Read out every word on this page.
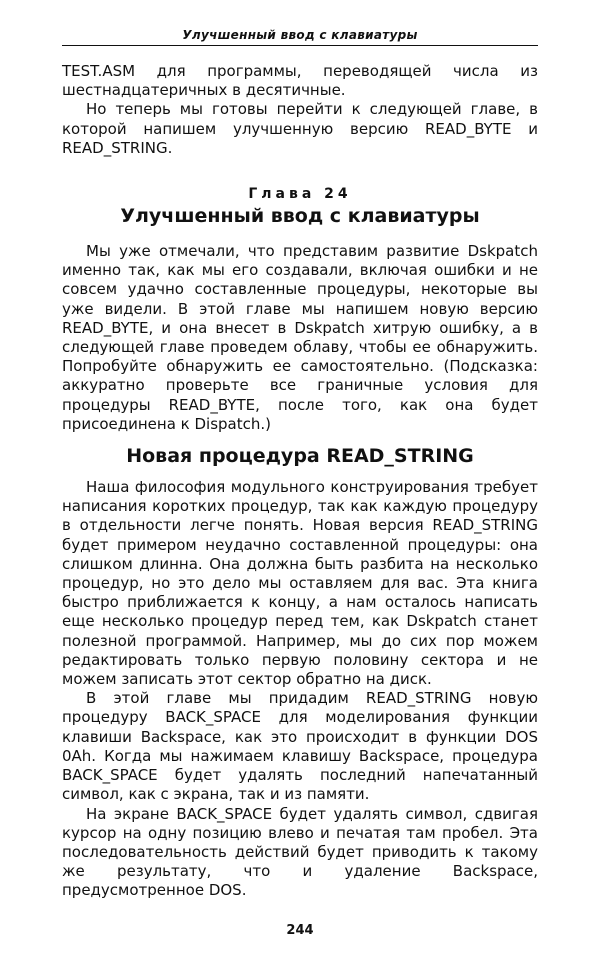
Улучшенный ввод с клавиатуры

TEST.ASM для программы, переводящей числа из шестнадцатеричных в десятичные.

Но теперь мы готовы перейти к следующей главе, в которой напишем улучшенную версию READ_BYTE и READ_STRING.

Глава 24
Улучшенный ввод с клавиатуры

Мы уже отмечали, что представим развитие Dskpatch именно так, как мы его создавали, включая ошибки и не совсем удачно составленные процедуры, некоторые вы уже видели. В этой главе мы напишем новую версию READ_BYTE, и она внесет в Dskpatch хитрую ошибку, а в следующей главе проведем облаву, чтобы ее обнаружить. Попробуйте обнаружить ее самостоятельно. (Подсказка: аккуратно проверьте все граничные условия для процедуры READ_BYTE, после того, как она будет присоединена к Dispatch.)

Новая процедура READ_STRING

Наша философия модульного конструирования требует написания коротких процедур, так как каждую процедуру в отдельности легче понять. Новая версия READ_STRING будет примером неудачно составленной процедуры: она слишком длинна. Она должна быть разбита на несколько процедур, но это дело мы оставляем для вас. Эта книга быстро приближается к концу, а нам осталось написать еще несколько процедур перед тем, как Dskpatch станет полезной программой. Например, мы до сих пор можем редактировать только первую половину сектора и не можем записать этот сектор обратно на диск.

В этой главе мы придадим READ_STRING новую процедуру BACK_SPACE для моделирования функции клавиши Backspace, как это происходит в функции DOS 0Ah. Когда мы нажимаем клавишу Backspace, процедура BACK_SPACE будет удалять последний напечатанный символ, как с экрана, так и из памяти.

На экране BACK_SPACE будет удалять символ, сдвигая курсор на одну позицию влево и печатая там пробел. Эта последовательность действий будет приводить к такому же результату, что и удаление Backspace, предусмотренное DOS.

244
